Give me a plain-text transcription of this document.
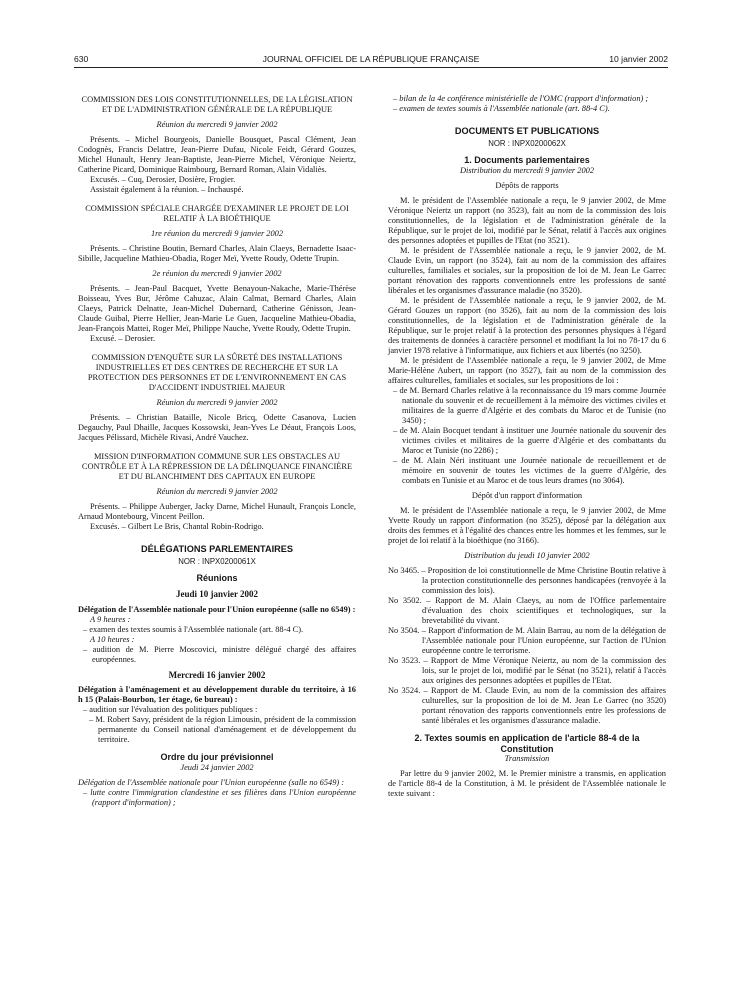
630	JOURNAL OFFICIEL DE LA RÉPUBLIQUE FRANÇAISE	10 janvier 2002

COMMISSION DES LOIS CONSTITUTIONNELLES, DE LA LÉGISLATION ET DE L'ADMINISTRATION GÉNÉRALE DE LA RÉPUBLIQUE

Réunion du mercredi 9 janvier 2002

Présents. – Michel Bourgeois, Danielle Bousquet, Pascal Clément, Jean Codognès, Francis Delattre, Jean-Pierre Dufau, Nicole Feidt, Gérard Gouzes, Michel Hunault, Henry Jean-Baptiste, Jean-Pierre Michel, Véronique Neiertz, Catherine Picard, Dominique Raimbourg, Bernard Roman, Alain Vidaliès.

Excusés. – Cuq, Derosier, Dosière, Frogier.

Assistait également à la réunion. – Inchauspé.

COMMISSION SPÉCIALE CHARGÉE D'EXAMINER LE PROJET DE LOI RELATIF À LA BIOÉTHIQUE

1re réunion du mercredi 9 janvier 2002

Présents. – Christine Boutin, Bernard Charles, Alain Claeys, Bernadette Isaac-Sibille, Jacqueline Mathieu-Obadia, Roger Meï, Yvette Roudy, Odette Trupin.

2e réunion du mercredi 9 janvier 2002

Présents. – Jean-Paul Bacquet, Yvette Benayoun-Nakache, Marie-Thérèse Boisseau, Yves Bur, Jérôme Cahuzac, Alain Calmat, Bernard Charles, Alain Claeys, Patrick Delnatte, Jean-Michel Dubernard, Catherine Génisson, Jean-Claude Guibal, Pierre Hellier, Jean-Marie Le Guen, Jacqueline Mathieu-Obadia, Jean-François Mattei, Roger Meï, Philippe Nauche, Yvette Roudy, Odette Trupin.

Excusé. – Derosier.

COMMISSION D'ENQUÊTE SUR LA SÛRETÉ DES INSTALLATIONS INDUSTRIELLES ET DES CENTRES DE RECHERCHE ET SUR LA PROTECTION DES PERSONNES ET DE L'ENVIRONNEMENT EN CAS D'ACCIDENT INDUSTRIEL MAJEUR

Réunion du mercredi 9 janvier 2002

Présents. – Christian Bataille, Nicole Bricq, Odette Casanova, Lucien Degauchy, Paul Dhaille, Jacques Kossowski, Jean-Yves Le Déaut, François Loos, Jacques Pélissard, Michèle Rivasi, André Vauchez.

MISSION D'INFORMATION COMMUNE SUR LES OBSTACLES AU CONTRÔLE ET À LA RÉPRESSION DE LA DÉLINQUANCE FINANCIÈRE ET DU BLANCHIMENT DES CAPITAUX EN EUROPE

Réunion du mercredi 9 janvier 2002

Présents. – Philippe Auberger, Jacky Darne, Michel Hunault, François Loncle, Arnaud Montebourg, Vincent Peillon.

Excusés. – Gilbert Le Bris, Chantal Robin-Rodrigo.

DÉLÉGATIONS PARLEMENTAIRES

NOR : INPX0200061X

Réunions

Jeudi 10 janvier 2002

Délégation de l'Assemblée nationale pour l'Union européenne (salle no 6549) :

A 9 heures :

– examen des textes soumis à l'Assemblée nationale (art. 88-4 C).

A 10 heures :

– audition de M. Pierre Moscovici, ministre délégué chargé des affaires européennes.

Mercredi 16 janvier 2002

Délégation à l'aménagement et au développement durable du territoire, à 16 h 15 (Palais-Bourbon, 1er étage, 6e bureau) :

– audition sur l'évaluation des politiques publiques :

– M. Robert Savy, président de la région Limousin, président de la commission permanente du Conseil national d'aménagement et de développement du territoire.

Ordre du jour prévisionnel

Jeudi 24 janvier 2002

Délégation de l'Assemblée nationale pour l'Union européenne (salle no 6549) :

– lutte contre l'immigration clandestine et ses filières dans l'Union européenne (rapport d'information) ;

– bilan de la 4e conférence ministérielle de l'OMC (rapport d'information) ;

– examen de textes soumis à l'Assemblée nationale (art. 88-4 C).

DOCUMENTS ET PUBLICATIONS

NOR : INPX0200062X

1. Documents parlementaires

Distribution du mercredi 9 janvier 2002

Dépôts de rapports

M. le président de l'Assemblée nationale a reçu, le 9 janvier 2002, de Mme Véronique Neiertz un rapport (no 3523), fait au nom de la commission des lois constitutionnelles, de la législation et de l'administration générale de la République, sur le projet de loi, modifié par le Sénat, relatif à l'accès aux origines des personnes adoptées et pupilles de l'Etat (no 3521).

M. le président de l'Assemblée nationale a reçu, le 9 janvier 2002, de M. Claude Evin, un rapport (no 3524), fait au nom de la commission des affaires culturelles, familiales et sociales, sur la proposition de loi de M. Jean Le Garrec portant rénovation des rapports conventionnels entre les professions de santé libérales et les organismes d'assurance maladie (no 3520).

M. le président de l'Assemblée nationale a reçu, le 9 janvier 2002, de M. Gérard Gouzes un rapport (no 3526), fait au nom de la commission des lois constitutionnelles, de la législation et de l'administration générale de la République, sur le projet relatif à la protection des personnes physiques à l'égard des traitements de données à caractère personnel et modifiant la loi no 78-17 du 6 janvier 1978 relative à l'informatique, aux fichiers et aux libertés (no 3250).

M. le président de l'Assemblée nationale a reçu, le 9 janvier 2002, de Mme Marie-Hélène Aubert, un rapport (no 3527), fait au nom de la commission des affaires culturelles, familiales et sociales, sur les propositions de loi :

– de M. Bernard Charles relative à la reconnaissance du 19 mars comme Journée nationale du souvenir et de recueillement à la mémoire des victimes civiles et militaires de la guerre d'Algérie et des combats du Maroc et de Tunisie (no 3450) ;

– de M. Alain Bocquet tendant à instituer une Journée nationale du souvenir des victimes civiles et militaires de la guerre d'Algérie et des combattants du Maroc et Tunisie (no 2286) ;

– de M. Alain Néri instituant une Journée nationale de recueillement et de mémoire en souvenir de toutes les victimes de la guerre d'Algérie, des combats en Tunisie et au Maroc et de tous leurs drames (no 3064).

Dépôt d'un rapport d'information

M. le président de l'Assemblée nationale a reçu, le 9 janvier 2002, de Mme Yvette Roudy un rapport d'information (no 3525), déposé par la délégation aux droits des femmes et à l'égalité des chances entre les hommes et les femmes, sur le projet de loi relatif à la bioéthique (no 3166).

Distribution du jeudi 10 janvier 2002

No 3465. – Proposition de loi constitutionnelle de Mme Christine Boutin relative à la protection constitutionnelle des personnes handicapées (renvoyée à la commission des lois).

No 3502. – Rapport de M. Alain Claeys, au nom de l'Office parlementaire d'évaluation des choix scientifiques et technologiques, sur la brevetabilité du vivant.

No 3504. – Rapport d'information de M. Alain Barrau, au nom de la délégation de l'Assemblée nationale pour l'Union européenne, sur l'action de l'Union européenne contre le terrorisme.

No 3523. – Rapport de Mme Véronique Neiertz, au nom de la commission des lois, sur le projet de loi, modifié par le Sénat (no 3521), relatif à l'accès aux origines des personnes adoptées et pupilles de l'Etat.

No 3524. – Rapport de M. Claude Evin, au nom de la commission des affaires culturelles, sur la proposition de loi de M. Jean Le Garrec (no 3520) portant rénovation des rapports conventionnels entre les professions de santé libérales et les organismes d'assurance maladie.

2. Textes soumis en application de l'article 88-4 de la Constitution

Transmission

Par lettre du 9 janvier 2002, M. le Premier ministre a transmis, en application de l'article 88-4 de la Constitution, à M. le président de l'Assemblée nationale le texte suivant :
